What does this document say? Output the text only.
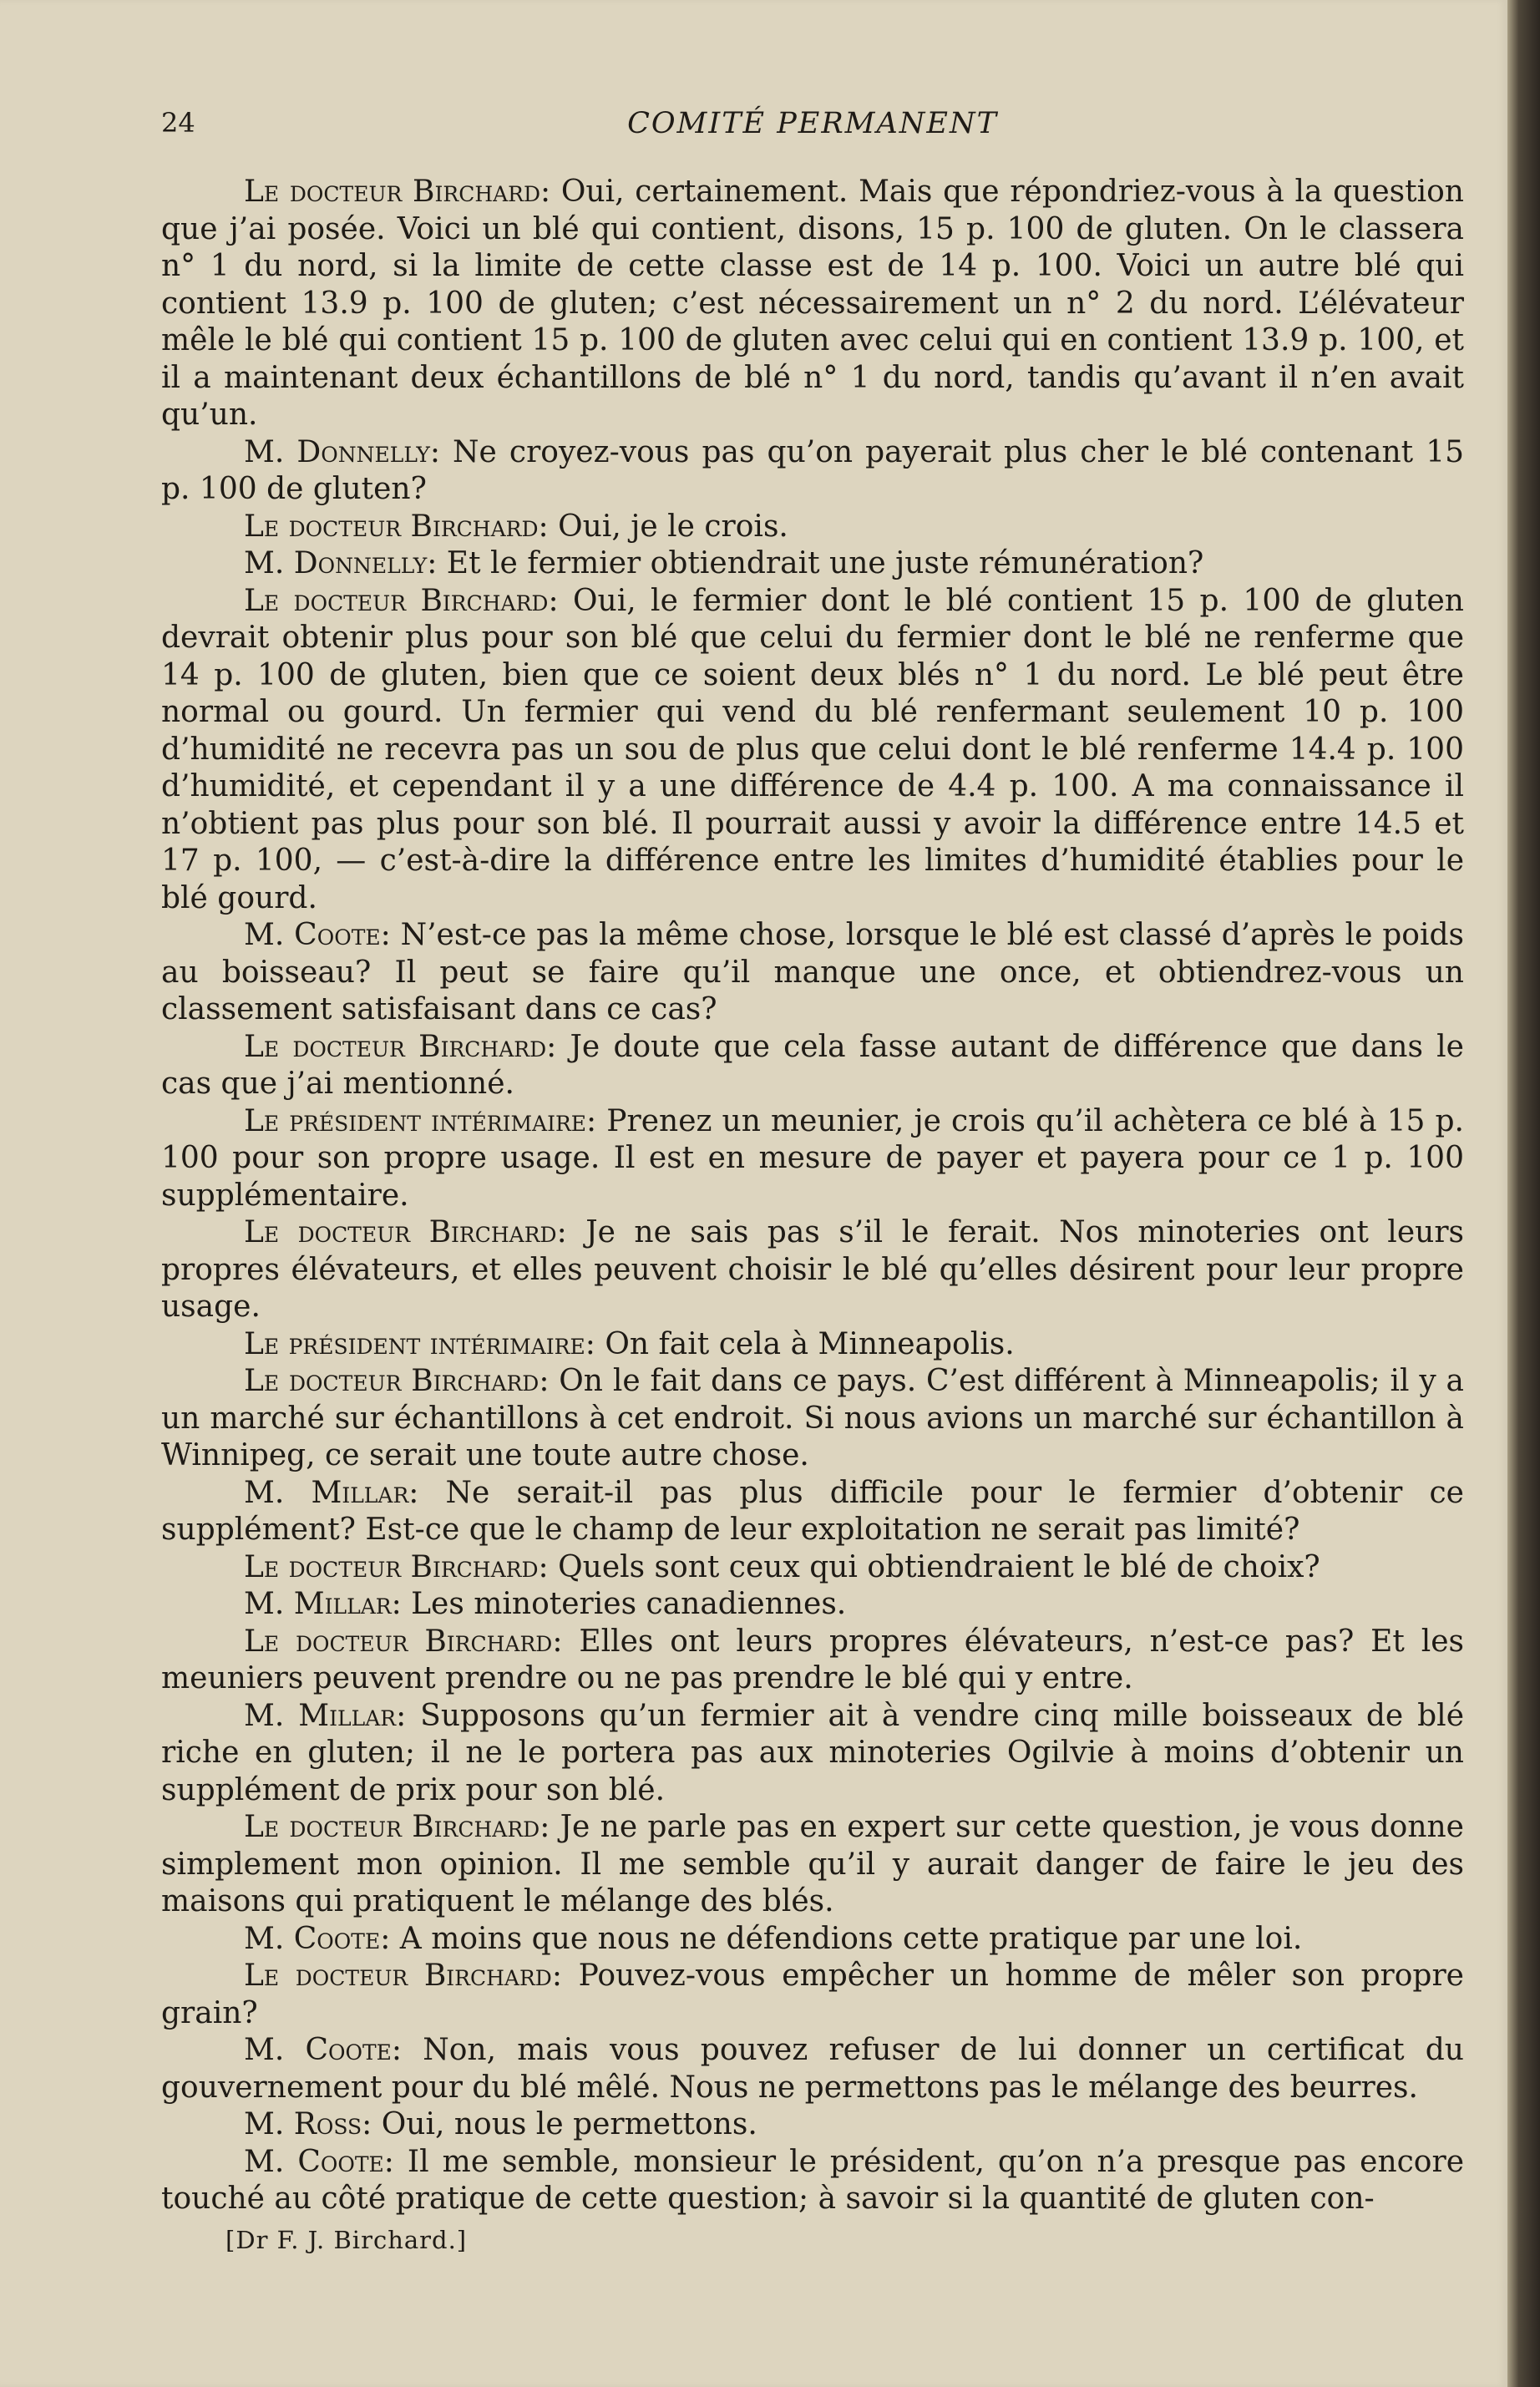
24	COMITÉ PERMANENT

Le docteur Birchard: Oui, certainement. Mais que répondriez-vous à la question que j’ai posée. Voici un blé qui contient, disons, 15 p. 100 de gluten. On le classera n° 1 du nord, si la limite de cette classe est de 14 p. 100. Voici un autre blé qui contient 13.9 p. 100 de gluten; c’est nécessairement un n° 2 du nord. L’élévateur mêle le blé qui contient 15 p. 100 de gluten avec celui qui en contient 13.9 p. 100, et il a maintenant deux échantillons de blé n° 1 du nord, tandis qu’avant il n’en avait qu’un.

M. Donnelly: Ne croyez-vous pas qu’on payerait plus cher le blé contenant 15 p. 100 de gluten?

Le docteur Birchard: Oui, je le crois.

M. Donnelly: Et le fermier obtiendrait une juste rémunération?

Le docteur Birchard: Oui, le fermier dont le blé contient 15 p. 100 de gluten devrait obtenir plus pour son blé que celui du fermier dont le blé ne renferme que 14 p. 100 de gluten, bien que ce soient deux blés n° 1 du nord. Le blé peut être normal ou gourd. Un fermier qui vend du blé renfermant seulement 10 p. 100 d’humidité ne recevra pas un sou de plus que celui dont le blé renferme 14.4 p. 100 d’humidité, et cependant il y a une différence de 4.4 p. 100. A ma connaissance il n’obtient pas plus pour son blé. Il pourrait aussi y avoir la différence entre 14.5 et 17 p. 100, — c’est-à-dire la différence entre les limites d’humidité établies pour le blé gourd.

M. Coote: N’est-ce pas la même chose, lorsque le blé est classé d’après le poids au boisseau? Il peut se faire qu’il manque une once, et obtiendrez-vous un classement satisfaisant dans ce cas?

Le docteur Birchard: Je doute que cela fasse autant de différence que dans le cas que j’ai mentionné.

Le président intérimaire: Prenez un meunier, je crois qu’il achètera ce blé à 15 p. 100 pour son propre usage. Il est en mesure de payer et payera pour ce 1 p. 100 supplémentaire.

Le docteur Birchard: Je ne sais pas s’il le ferait. Nos minoteries ont leurs propres élévateurs, et elles peuvent choisir le blé qu’elles désirent pour leur propre usage.

Le président intérimaire: On fait cela à Minneapolis.

Le docteur Birchard: On le fait dans ce pays. C’est différent à Minneapolis; il y a un marché sur échantillons à cet endroit. Si nous avions un marché sur échantillon à Winnipeg, ce serait une toute autre chose.

M. Millar: Ne serait-il pas plus difficile pour le fermier d’obtenir ce supplément? Est-ce que le champ de leur exploitation ne serait pas limité?

Le docteur Birchard: Quels sont ceux qui obtiendraient le blé de choix?

M. Millar: Les minoteries canadiennes.

Le docteur Birchard: Elles ont leurs propres élévateurs, n’est-ce pas? Et les meuniers peuvent prendre ou ne pas prendre le blé qui y entre.

M. Millar: Supposons qu’un fermier ait à vendre cinq mille boisseaux de blé riche en gluten; il ne le portera pas aux minoteries Ogilvie à moins d’obtenir un supplément de prix pour son blé.

Le docteur Birchard: Je ne parle pas en expert sur cette question, je vous donne simplement mon opinion. Il me semble qu’il y aurait danger de faire le jeu des maisons qui pratiquent le mélange des blés.

M. Coote: A moins que nous ne défendions cette pratique par une loi.

Le docteur Birchard: Pouvez-vous empêcher un homme de mêler son propre grain?

M. Coote: Non, mais vous pouvez refuser de lui donner un certificat du gouvernement pour du blé mêlé. Nous ne permettons pas le mélange des beurres.

M. Ross: Oui, nous le permettons.

M. Coote: Il me semble, monsieur le président, qu’on n’a presque pas encore touché au côté pratique de cette question; à savoir si la quantité de gluten con-

[Dr F. J. Birchard.]
